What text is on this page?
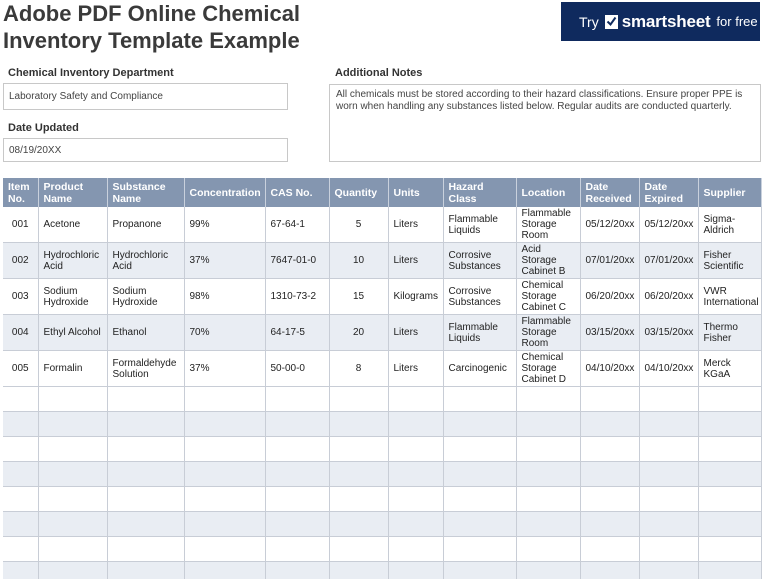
Adobe PDF Online Chemical Inventory Template Example
Try smartsheet for free
Chemical Inventory Department
Laboratory Safety and Compliance
Date Updated
08/19/20XX
Additional Notes
All chemicals must be stored according to their hazard classifications. Ensure proper PPE is worn when handling any substances listed below. Regular audits are conducted quarterly.
Item No.	Product Name	Substance Name	Concentration	CAS No.	Quantity	Units	Hazard Class	Location	Date Received	Date Expired	Supplier
001	Acetone	Propanone	99%	67-64-1	5	Liters	Flammable Liquids	Flammable Storage Room	05/12/20xx	05/12/20xx	Sigma-Aldrich
002	Hydrochloric Acid	Hydrochloric Acid	37%	7647-01-0	10	Liters	Corrosive Substances	Acid Storage Cabinet B	07/01/20xx	07/01/20xx	Fisher Scientific
003	Sodium Hydroxide	Sodium Hydroxide	98%	1310-73-2	15	Kilograms	Corrosive Substances	Chemical Storage Cabinet C	06/20/20xx	06/20/20xx	VWR International
004	Ethyl Alcohol	Ethanol	70%	64-17-5	20	Liters	Flammable Liquids	Flammable Storage Room	03/15/20xx	03/15/20xx	Thermo Fisher
005	Formalin	Formaldehyde Solution	37%	50-00-0	8	Liters	Carcinogenic	Chemical Storage Cabinet D	04/10/20xx	04/10/20xx	Merck KGaA
